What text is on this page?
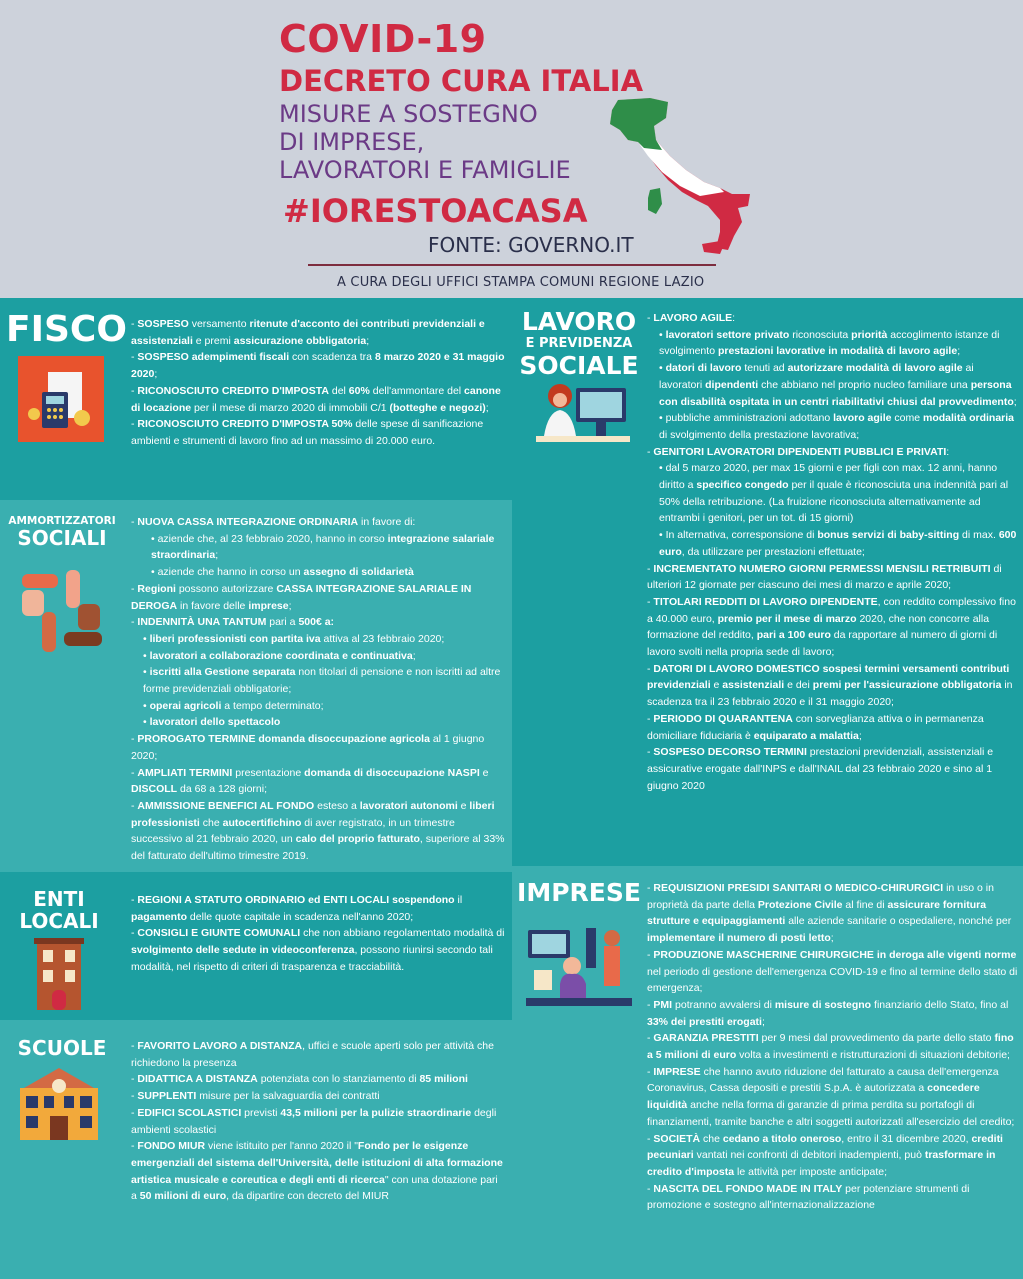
COVID-19
DECRETO CURA ITALIA
MISURE A SOSTEGNO
DI IMPRESE,
LAVORATORI E FAMIGLIE
#IORESTOACASA
FONTE: GOVERNO.IT
A CURA DEGLI UFFICI STAMPA COMUNI REGIONE LAZIO
FISCO - SOSPESO versamento ritenute d'acconto dei contributi previdenziali e assistenziali e premi assicurazione obbligatoria;

- SOSPESO adempimenti fiscali con scadenza tra 8 marzo 2020 e 31 maggio 2020;

- RICONOSCIUTO CREDITO D'IMPOSTA del 60% dell'ammontare del canone di locazione per il mese di marzo 2020 di immobili C/1 (botteghe e negozi);

- RICONOSCIUTO CREDITO D'IMPOSTA 50% delle spese di sanificazione ambienti e strumenti di lavoro fino ad un massimo di 20.000 euro.

AMMORTIZZATORI
SOCIALI

- NUOVA CASSA INTEGRAZIONE ORDINARIA in favore di:

• aziende che, al 23 febbraio 2020, hanno in corso integrazione salariale straordinaria;

• aziende che hanno in corso un assegno di solidarietà

- Regioni possono autorizzare CASSA INTEGRAZIONE SALARIALE IN DEROGA in favore delle imprese;

- INDENNITÀ UNA TANTUM pari a 500€ a:

• liberi professionisti con partita iva attiva al 23 febbraio 2020;

• lavoratori a collaborazione coordinata e continuativa;

• iscritti alla Gestione separata non titolari di pensione e non iscritti ad altre forme previdenziali obbligatorie;

• operai agricoli a tempo determinato;

• lavoratori dello spettacolo

- PROROGATO TERMINE domanda disoccupazione agricola al 1 giugno 2020;

- AMPLIATI TERMINI presentazione domanda di disoccupazione NASPI e DISCOLL da 68 a 128 giorni;

- AMMISSIONE BENEFICI AL FONDO esteso a lavoratori autonomi e liberi professionisti che autocertifichino di aver registrato, in un trimestre successivo al 21 febbraio 2020, un calo del proprio fatturato, superiore al 33% del fatturato dell'ultimo trimestre 2019.

ENTI
LOCALI

- REGIONI A STATUTO ORDINARIO ed ENTI LOCALI sospendono il pagamento delle quote capitale in scadenza nell'anno 2020;

- CONSIGLI E GIUNTE COMUNALI che non abbiano regolamentato modalità di svolgimento delle sedute in videoconferenza, possono riunirsi secondo tali modalità, nel rispetto di criteri di trasparenza e tracciabilità.

SCUOLE	- FAVORITO LAVORO A DISTANZA, uffici e scuole aperti solo per attività che richiedono la presenza

- DIDATTICA A DISTANZA potenziata con lo stanziamento di 85 milioni

- SUPPLENTI misure per la salvaguardia dei contratti

- EDIFICI SCOLASTICI previsti 43,5 milioni per la pulizie straordinarie degli ambienti scolastici

- FONDO MIUR viene istituito per l'anno 2020 il "Fondo per le esigenze emergenziali del sistema dell'Università, delle istituzioni di alta formazione artistica musicale e coreutica e degli enti di ricerca" con una dotazione pari a 50 milioni di euro, da dipartire con decreto del MIUR

LAVORO
E PREVIDENZA
SOCIALE

- LAVORO AGILE:

• lavoratori settore privato riconosciuta priorità accoglimento istanze di svolgimento prestazioni lavorative in modalità di lavoro agile;

• datori di lavoro tenuti ad autorizzare modalità di lavoro agile ai lavoratori dipendenti che abbiano nel proprio nucleo familiare una persona con disabilità ospitata in un centri riabilitativi chiusi dal provvedimento;

• pubbliche amministrazioni adottano lavoro agile come modalità ordinaria di svolgimento della prestazione lavorativa;

- GENITORI LAVORATORI DIPENDENTI PUBBLICI E PRIVATI:

• dal 5 marzo 2020, per max 15 giorni e per figli con max. 12 anni, hanno diritto a specifico congedo per il quale è riconosciuta una indennità pari al 50% della retribuzione. (La fruizione riconosciuta alternativamente ad entrambi i genitori, per un tot. di 15 giorni)

• In alternativa, corresponsione di bonus servizi di baby-sitting di max. 600 euro, da utilizzare per prestazioni effettuate;

- INCREMENTATO NUMERO GIORNI PERMESSI MENSILI RETRIBUITI di ulteriori 12 giornate per ciascuno dei mesi di marzo e aprile 2020;

- TITOLARI REDDITI DI LAVORO DIPENDENTE, con reddito complessivo fino a 40.000 euro, premio per il mese di marzo 2020, che non concorre alla formazione del reddito, pari a 100 euro da rapportare al numero di giorni di lavoro svolti nella propria sede di lavoro;

- DATORI DI LAVORO DOMESTICO sospesi termini versamenti contributi previdenziali e assistenziali e dei premi per l'assicurazione obbligatoria in scadenza tra il 23 febbraio 2020 e il 31 maggio 2020;

- PERIODO DI QUARANTENA con sorveglianza attiva o in permanenza domiciliare fiduciaria è equiparato a malattia;

- SOSPESO DECORSO TERMINI prestazioni previdenziali, assistenziali e assicurative erogate dall'INPS e dall'INAIL dal 23 febbraio 2020 e sino al 1 giugno 2020

IMPRESE - REQUISIZIONI PRESIDI SANITARI O MEDICO-CHIRURGICI in uso o in proprietà da parte della Protezione Civile al fine di assicurare fornitura strutture e equipaggiamenti alle aziende sanitarie o ospedaliere, nonché per implementare il numero di posti letto;

- PRODUZIONE MASCHERINE CHIRURGICHE in deroga alle vigenti norme nel periodo di gestione dell'emergenza COVID-19 e fino al termine dello stato di emergenza;

- PMI potranno avvalersi di misure di sostegno finanziario dello Stato, fino al 33% dei prestiti erogati;

- GARANZIA PRESTITI per 9 mesi dal provvedimento da parte dello stato fino a 5 milioni di euro volta a investimenti e ristrutturazioni di situazioni debitorie;

- IMPRESE che hanno avuto riduzione del fatturato a causa dell'emergenza Coronavirus, Cassa depositi e prestiti S.p.A. è autorizzata a concedere liquidità anche nella forma di garanzie di prima perdita su portafogli di finanziamenti, tramite banche e altri soggetti autorizzati all'esercizio del credito;

- SOCIETÀ che cedano a titolo oneroso, entro il 31 dicembre 2020, crediti pecuniari vantati nei confronti di debitori inadempienti, può trasformare in credito d'imposta le attività per imposte anticipate;

- NASCITA DEL FONDO MADE IN ITALY per potenziare strumenti di promozione e sostegno all'internazionalizzazione
